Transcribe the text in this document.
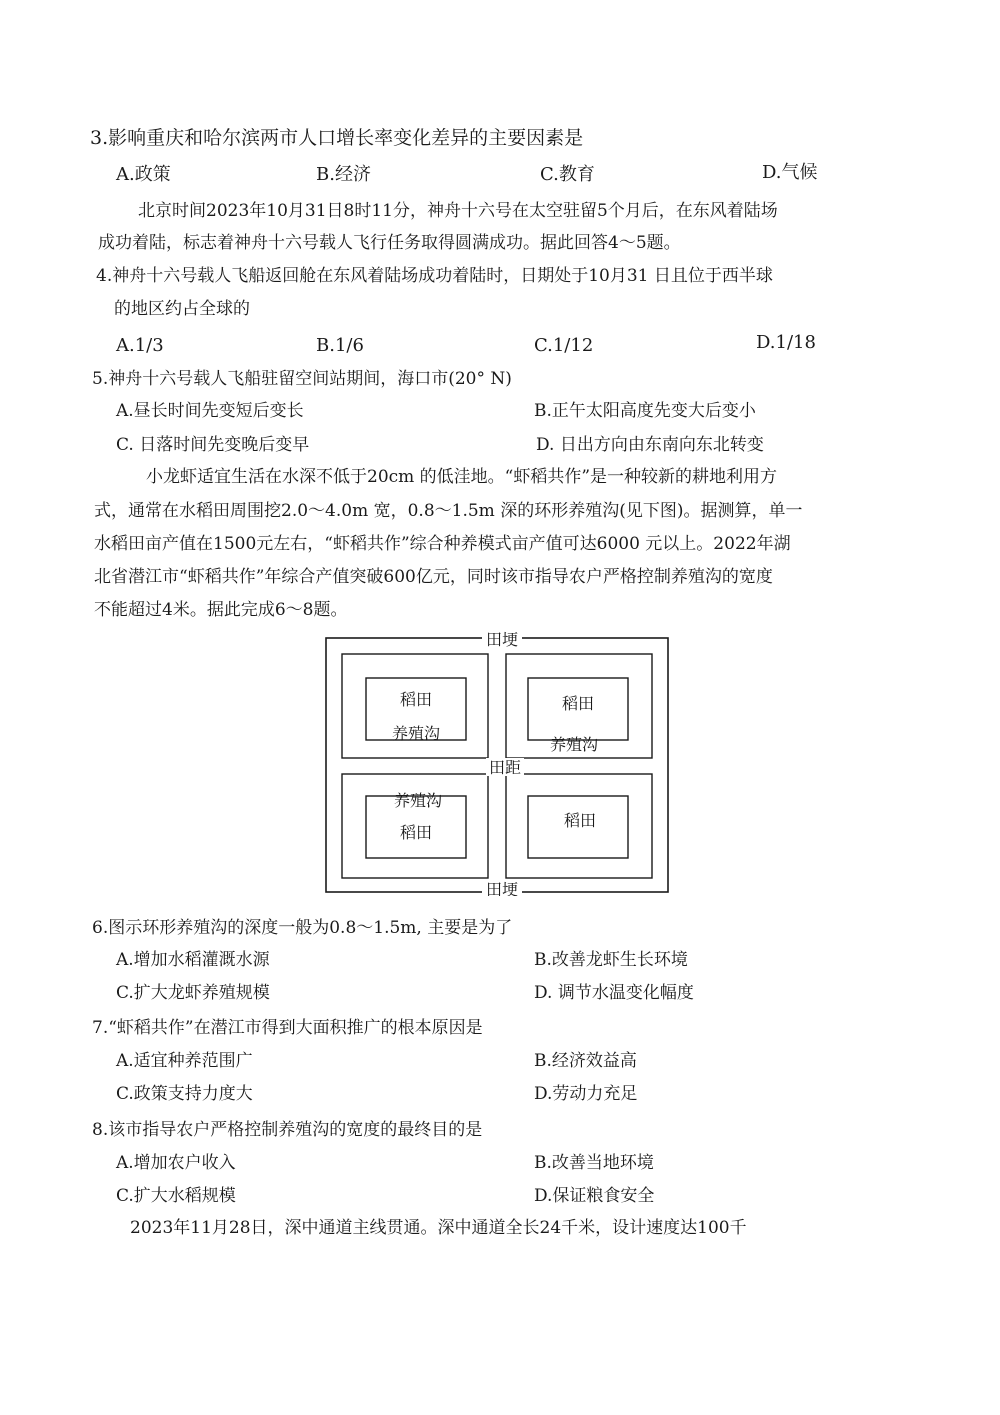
3.影响重庆和哈尔滨两市人口增长率变化差异的主要因素是
A.政策	B.经济	C.教育	D.气候
北京时间2023年10月31日8时11分，神舟十六号在太空驻留5个月后，在东风着陆场
成功着陆，标志着神舟十六号载人飞行任务取得圆满成功。据此回答4～5题。
4.神舟十六号载人飞船返回舱在东风着陆场成功着陆时，日期处于10月31 日且位于西半球
的地区约占全球的
A.1/3	B.1/6	C.1/12	D.1/18
5.神舟十六号载人飞船驻留空间站期间，海口市(20° N)
A.昼长时间先变短后变长	B.正午太阳高度先变大后变小
C. 日落时间先变晚后变早	D. 日出方向由东南向东北转变
小龙虾适宜生活在水深不低于20cm 的低洼地。“虾稻共作”是一种较新的耕地利用方
式，通常在水稻田周围挖2.0～4.0m 宽，0.8～1.5m 深的环形养殖沟(见下图)。据测算，单一
水稻田亩产值在1500元左右，“虾稻共作”综合种养模式亩产值可达6000 元以上。2022年湖
北省潜江市“虾稻共作”年综合产值突破600亿元，同时该市指导农户严格控制养殖沟的宽度
不能超过4米。据此完成6～8题。
田埂
田埂
田距
稻田
养殖沟
稻田
养殖沟
养殖沟
稻田
稻田
6.图示环形养殖沟的深度一般为0.8～1.5m, 主要是为了
A.增加水稻灌溉水源	B.改善龙虾生长环境
C.扩大龙虾养殖规模	D. 调节水温变化幅度
7.“虾稻共作”在潜江市得到大面积推广的根本原因是
A.适宜种养范围广	B.经济效益高
C.政策支持力度大	D.劳动力充足
8.该市指导农户严格控制养殖沟的宽度的最终目的是
A.增加农户收入	B.改善当地环境
C.扩大水稻规模	D.保证粮食安全
2023年11月28日，深中通道主线贯通。深中通道全长24千米，设计速度达100千
